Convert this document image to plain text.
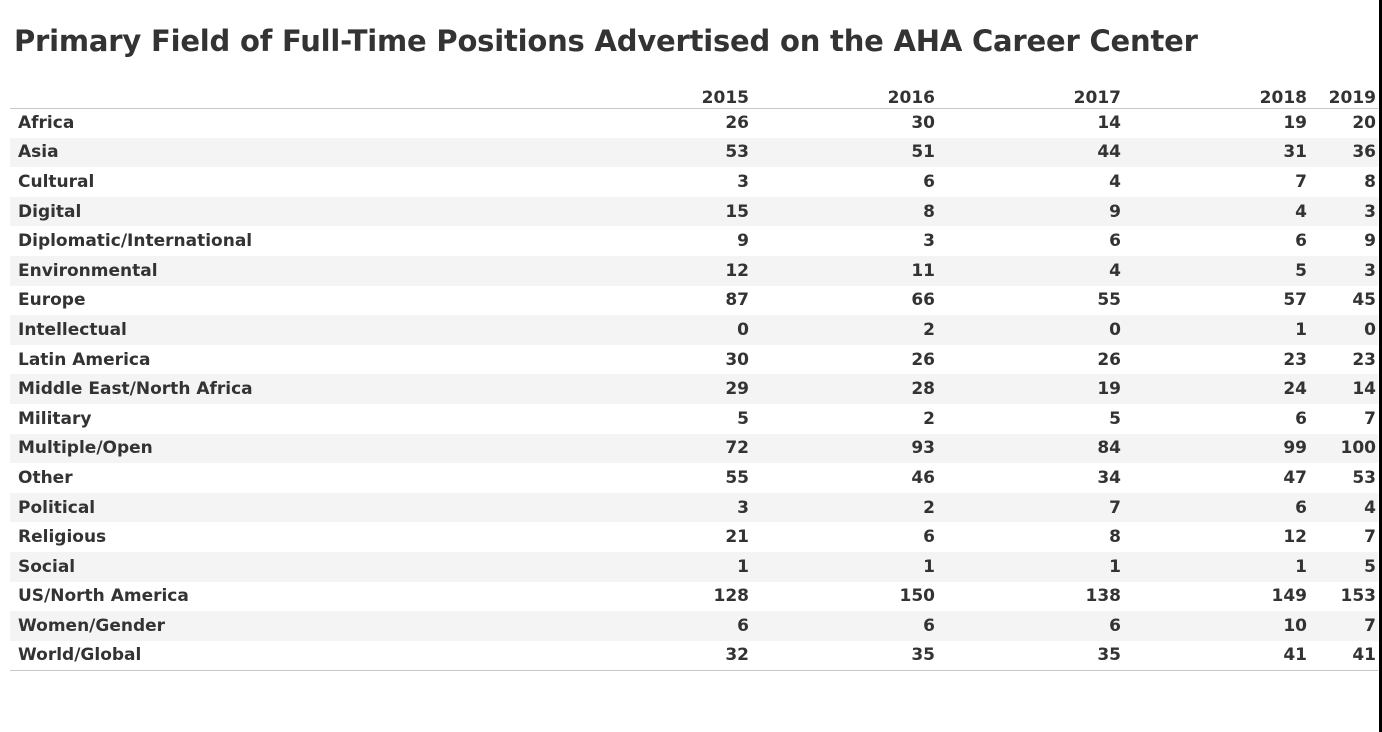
Primary Field of Full-Time Positions Advertised on the AHA Career Center
	2015	2016	2017	2018	2019
Africa	26	30	14	19	20
Asia	53	51	44	31	36
Cultural	3	6	4	7	8
Digital	15	8	9	4	3
Diplomatic/International	9	3	6	6	9
Environmental	12	11	4	5	3
Europe	87	66	55	57	45
Intellectual	0	2	0	1	0
Latin America	30	26	26	23	23
Middle East/North Africa	29	28	19	24	14
Military	5	2	5	6	7
Multiple/Open	72	93	84	99	100
Other	55	46	34	47	53
Political	3	2	7	6	4
Religious	21	6	8	12	7
Social	1	1	1	1	5
US/North America	128	150	138	149	153
Women/Gender	6	6	6	10	7
World/Global	32	35	35	41	41
